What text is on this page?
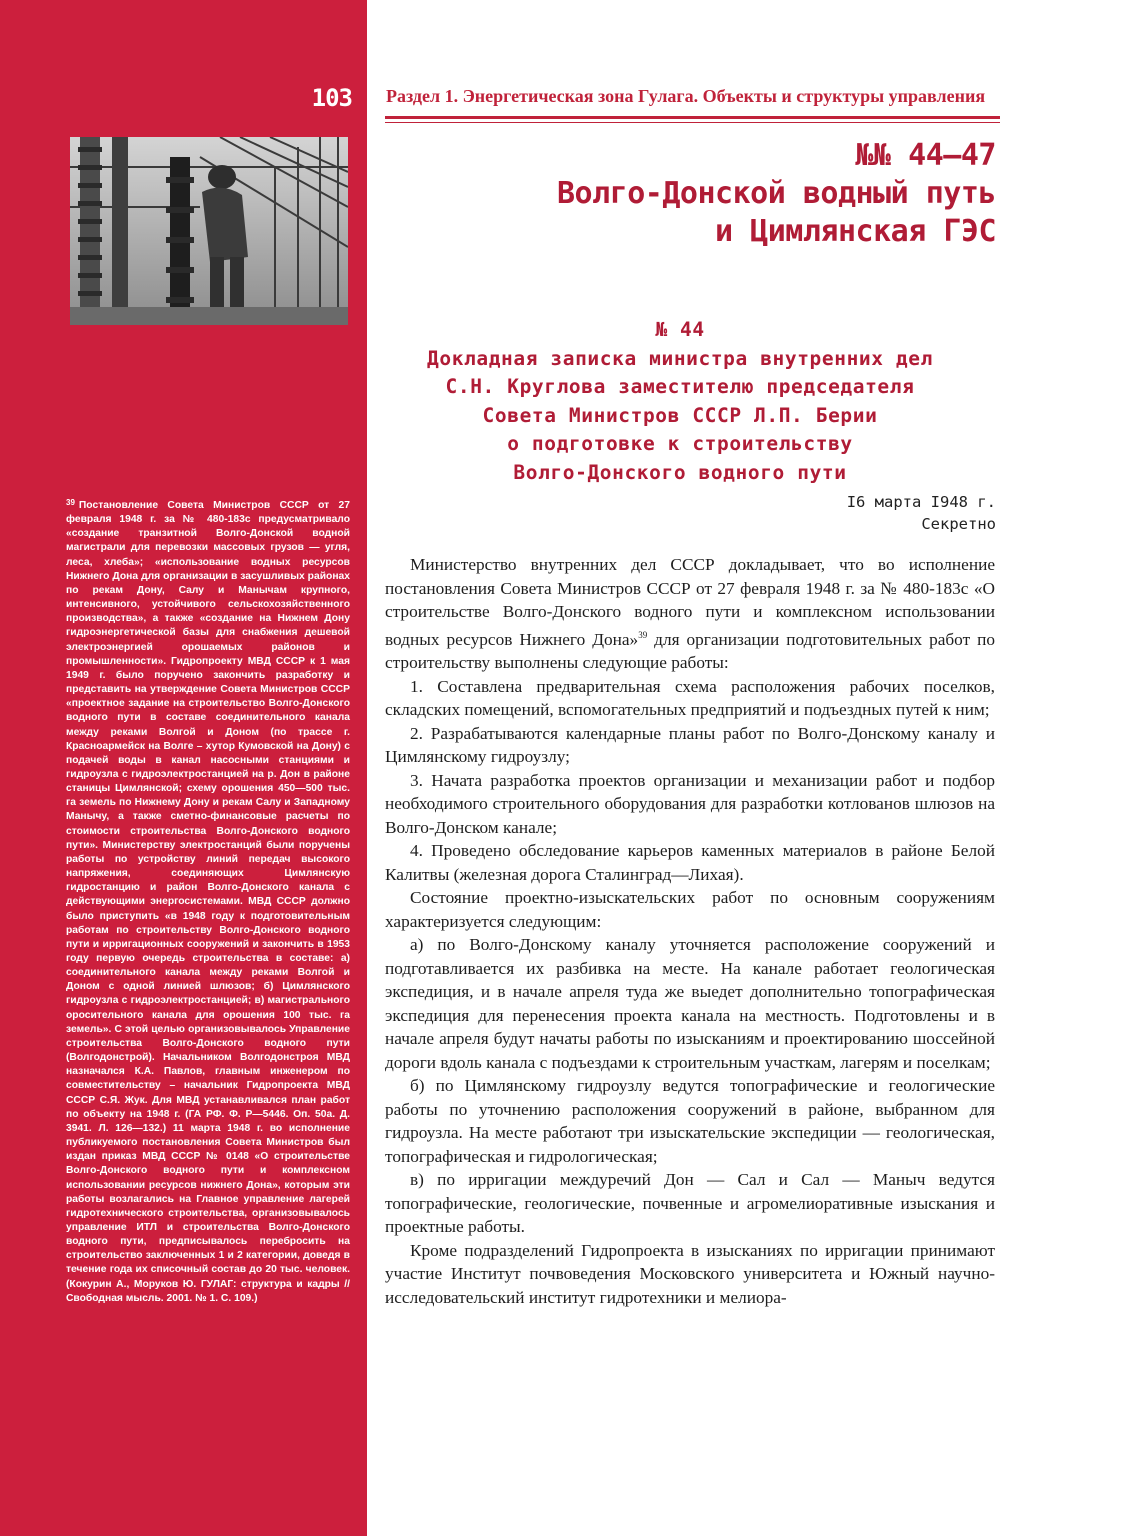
103
$^{39}$ Постановление Совета Министров СССР от 27 февраля 1948 г. за № 480-183с предусматривало «создание транзитной Волго-Донской водной магистрали для перевозки массовых грузов — угля, леса, хлеба»; «использование водных ресурсов Нижнего Дона для организации в засушливых районах по рекам Дону, Салу и Манычам крупного, интенсивного, устойчивого сельскохозяйственного производства», а также «создание на Нижнем Дону гидроэнергетической базы для снабжения дешевой электроэнергией орошаемых районов и промышленности». Гидропроекту МВД СССР к 1 мая 1949 г. было поручено закончить разработку и представить на утверждение Совета Министров СССР «проектное задание на строительство Волго-Донского водного пути в составе соединительного канала между реками Волгой и Доном (по трассе г. Красноармейск на Волге – хутор Кумовской на Дону) с подачей воды в канал насосными станциями и гидроузла с гидроэлектростанцией на р. Дон в районе станицы Цимлянской; схему орошения 450—500 тыс. га земель по Нижнему Дону и рекам Салу и Западному Манычу, а также сметно-финансовые расчеты по стоимости строительства Волго-Донского водного пути». Министерству электростанций были поручены работы по устройству линий передач высокого напряжения, соединяющих Цимлянскую гидростанцию и район Волго-Донского канала с действующими энергосистемами. МВД СССР должно было приступить «в 1948 году к подготовительным работам по строительству Волго-Донского водного пути и ирригационных сооружений и закончить в 1953 году первую очередь строительства в составе: а) соединительного канала между реками Волгой и Доном с одной линией шлюзов; б) Цимлянского гидроузла с гидроэлектростанцией; в) магистрального оросительного канала для орошения 100 тыс. га земель». С этой целью организовывалось Управление строительства Волго-Донского водного пути (Волгодонстрой). Начальником Волгодонстроя МВД назначался К.А. Павлов, главным инженером по совместительству – начальник Гидропроекта МВД СССР С.Я. Жук. Для МВД устанавливался план работ по объекту на 1948 г. (ГА РФ. Ф. Р—5446. Оп. 50а. Д. 3941. Л. 126—132.) 11 марта 1948 г. во исполнение публикуемого постановления Совета Министров был издан приказ МВД СССР № 0148 «О строительстве Волго-Донского водного пути и комплексном использовании ресурсов нижнего Дона», которым эти работы возлагались на Главное управление лагерей гидротехнического строительства, организовывалось управление ИТЛ и строительства Волго-Донского водного пути, предписывалось перебросить на строительство заключенных 1 и 2 категории, доведя в течение года их списочный состав до 20 тыс. человек. (Кокурин А., Моруков Ю. ГУЛАГ: структура и кадры // Свободная мысль. 2001. № 1. С. 109.)
Раздел 1. Энергетическая зона Гулага. Объекты и структуры управления
№№ 44—47
Волго-Донской водный путь
и Цимлянская ГЭС
№ 44
Докладная записка министра внутренних дел
С.Н. Круглова заместителю председателя
Совета Министров СССР Л.П. Берии
о подготовке к строительству
Волго-Донского водного пути
I6 марта I948 г.
Секретно

Министерство внутренних дел СССР докладывает, что во исполнение постановления Совета Министров СССР от 27 февраля 1948 г. за № 480-183с «О строительстве Волго-Донского водного пути и комплексном использовании водных ресурсов Нижнего Дона»$^{39}$ для организации подготовительных работ по строительству выполнены следующие работы:

1. Составлена предварительная схема расположения рабочих поселков, складских помещений, вспомогательных предприятий и подъездных путей к ним;

2. Разрабатываются календарные планы работ по Волго-Донскому каналу и Цимлянскому гидроузлу;

3. Начата разработка проектов организации и механизации работ и подбор необходимого строительного оборудования для разработки котлованов шлюзов на Волго-Донском канале;

4. Проведено обследование карьеров каменных материалов в районе Белой Калитвы (железная дорога Сталинград—Лихая).

Состояние проектно-изыскательских работ по основным сооружениям характеризуется следующим:

а) по Волго-Донскому каналу уточняется расположение сооружений и подготавливается их разбивка на месте. На канале работает геологическая экспедиция, и в начале апреля туда же выедет дополнительно топографическая экспедиция для перенесения проекта канала на местность. Подготовлены и в начале апреля будут начаты работы по изысканиям и проектированию шоссейной дороги вдоль канала с подъездами к строительным участкам, лагерям и поселкам;

б) по Цимлянскому гидроузлу ведутся топографические и геологические работы по уточнению расположения сооружений в районе, выбранном для гидроузла. На месте работают три изыскательские экспедиции — геологическая, топографическая и гидрологическая;

в) по ирригации междуречий Дон — Сал и Сал — Маныч ведутся топографические, геологические, почвенные и агромелиоративные изыскания и проектные работы.

Кроме подразделений Гидропроекта в изысканиях по ирригации принимают участие Институт почвоведения Московского университета и Южный научно-исследовательский институт гидротехники и мелиора-
